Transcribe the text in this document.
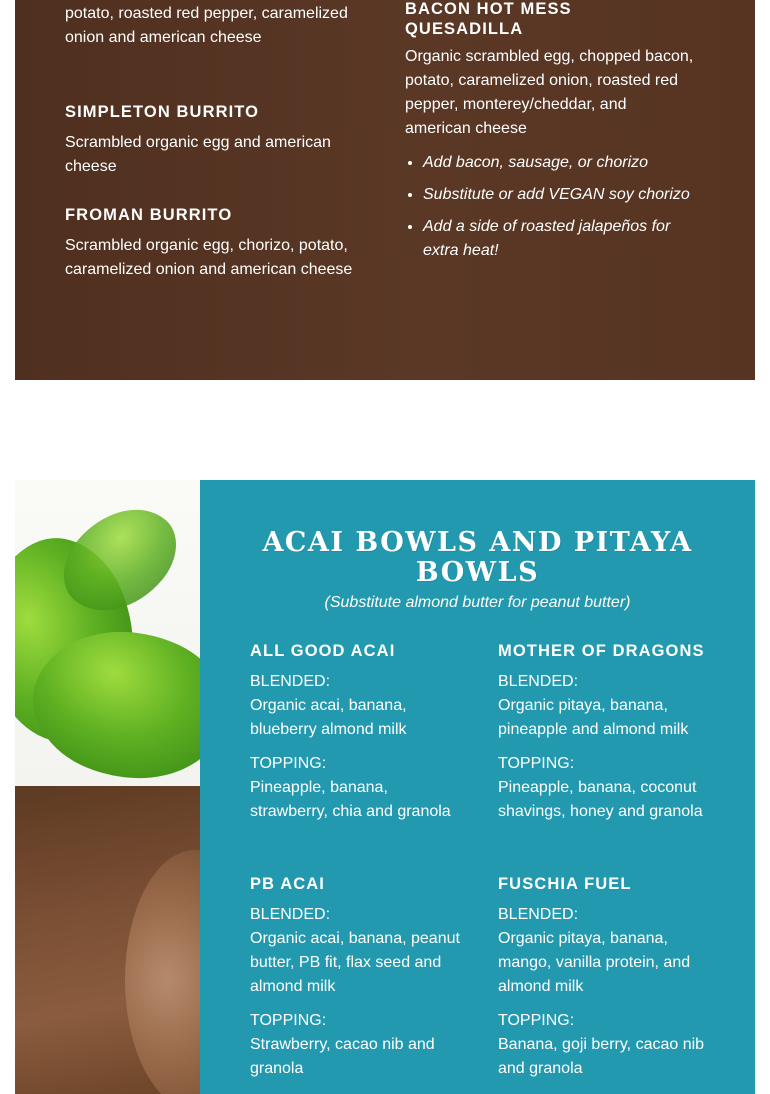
potato, roasted red pepper, caramelized onion and american cheese

SIMPLETON BURRITO

Scrambled organic egg and american cheese

FROMAN BURRITO

Scrambled organic egg, chorizo, potato, caramelized onion and american cheese

BACON HOT MESS QUESADILLA

Organic scrambled egg, chopped bacon, potato, caramelized onion, roasted red pepper, monterey/cheddar, and american cheese

• Add bacon, sausage, or chorizo
• Substitute or add VEGAN soy chorizo
• Add a side of roasted jalapeños for extra heat!
ACAI BOWLS AND PITAYA BOWLS

(Substitute almond butter for peanut butter)

ALL GOOD ACAI

BLENDED:

Organic acai, banana, blueberry almond milk

TOPPING:

Pineapple, banana, strawberry, chia and granola

MOTHER OF DRAGONS

BLENDED:

Organic pitaya, banana, pineapple and almond milk

TOPPING:

Pineapple, banana, coconut shavings, honey and granola

PB ACAI

BLENDED:

Organic acai, banana, peanut butter, PB fit, flax seed and almond milk

TOPPING:

Strawberry, cacao nib and granola

FUSCHIA FUEL

BLENDED:

Organic pitaya, banana, mango, vanilla protein, and almond milk

TOPPING:

Banana, goji berry, cacao nib and granola
